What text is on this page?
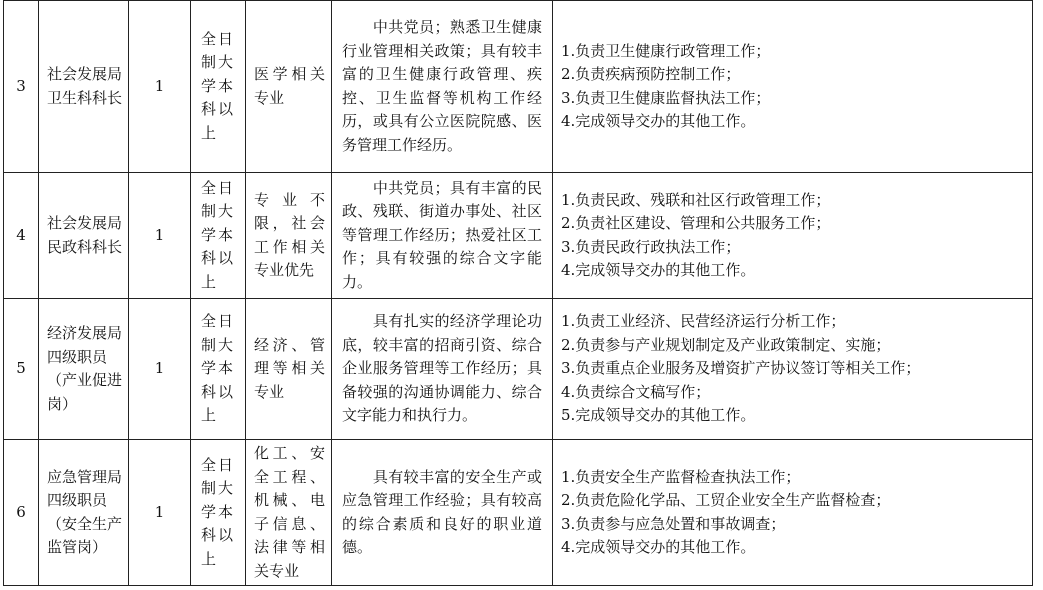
3	社会发展局卫生科科长	1	全日制大学本科以上	医学相关专业	　　中共党员；熟悉卫生健康行业管理相关政策；具有较丰富的卫生健康行政管理、疾控、卫生监督等机构工作经历，或具有公立医院院感、医务管理工作经历。	1.负责卫生健康行政管理工作；
2.负责疾病预防控制工作；
3.负责卫生健康监督执法工作；
4.完成领导交办的其他工作。

4	社会发展局民政科科长	1	全日制大学本科以上	专业不限，社会工作相关专业优先	　　中共党员；具有丰富的民政、残联、街道办事处、社区等管理工作经历；热爱社区工作；具有较强的综合文字能力。	1.负责民政、残联和社区行政管理工作；
2.负责社区建设、管理和公共服务工作；
3.负责民政行政执法工作；
4.完成领导交办的其他工作。

5	经济发展局四级职员（产业促进岗）	1	全日制大学本科以上	经济、管理等相关专业	　　具有扎实的经济学理论功底，较丰富的招商引资、综合企业服务管理等工作经历；具备较强的沟通协调能力、综合文字能力和执行力。	1.负责工业经济、民营经济运行分析工作；
2.负责参与产业规划制定及产业政策制定、实施；
3.负责重点企业服务及增资扩产协议签订等相关工作；
4.负责综合文稿写作；
5.完成领导交办的其他工作。

6	应急管理局四级职员（安全生产监管岗）	1	全日制大学本科以上	化工、安全工程、机械、电子信息、法律等相关专业	　　具有较丰富的安全生产或应急管理工作经验；具有较高的综合素质和良好的职业道德。	1.负责安全生产监督检查执法工作；
2.负责危险化学品、工贸企业安全生产监督检查；
3.负责参与应急处置和事故调查；
4.完成领导交办的其他工作。
